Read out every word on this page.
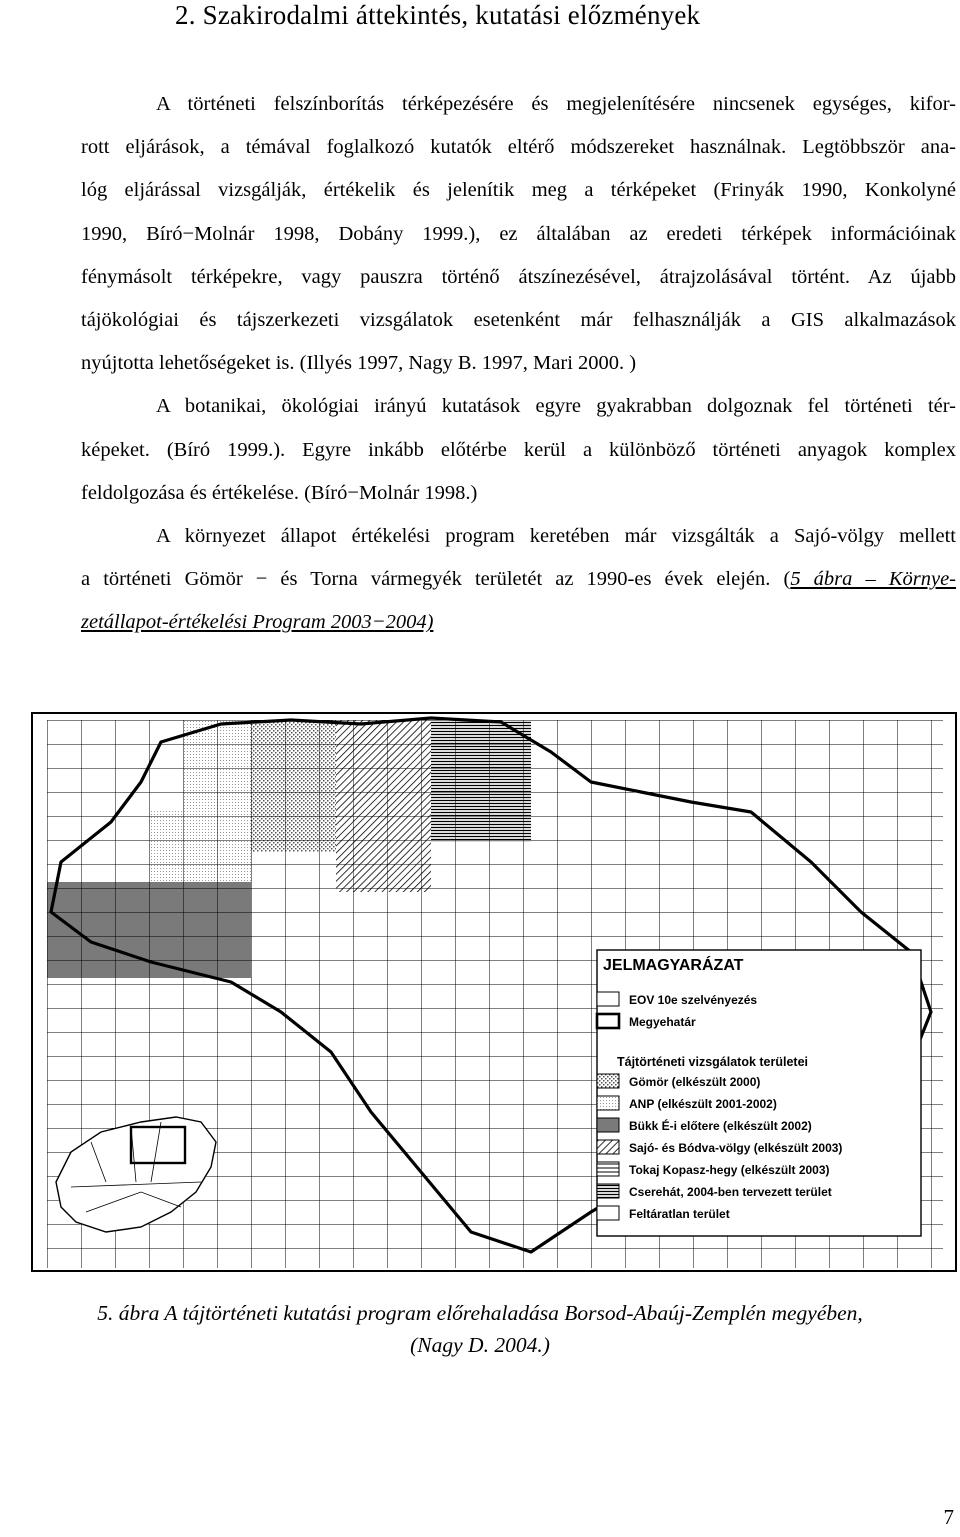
2. Szakirodalmi áttekintés, kutatási előzmények

A történeti felszínborítás térképezésére és megjelenítésére nincsenek egységes, kifor-
rott eljárások, a témával foglalkozó kutatók eltérő módszereket használnak. Legtöbbször ana-
lóg eljárással vizsgálják, értékelik és jelenítik meg a térképeket (Frinyák 1990, Konkolyné
1990, Bíró−Molnár 1998, Dobány 1999.), ez általában az eredeti térképek információinak
fénymásolt térképekre, vagy pauszra történő átszínezésével, átrajzolásával történt. Az újabb
tájökológiai és tájszerkezeti vizsgálatok esetenként már felhasználják a GIS alkalmazások
nyújtotta lehetőségeket is. (Illyés 1997, Nagy B. 1997, Mari 2000. )

A botanikai, ökológiai irányú kutatások egyre gyakrabban dolgoznak fel történeti tér-
képeket. (Bíró 1999.). Egyre inkább előtérbe kerül a különböző történeti anyagok komplex
feldolgozása és értékelése. (Bíró−Molnár 1998.)

A környezet állapot értékelési program keretében már vizsgálták a Sajó-völgy mellett
a történeti Gömör − és Torna vármegyék területét az 1990-es évek elején. (5 ábra – Környe-
zetállapot-értékelési Program 2003−2004)

JELMAGYARÁZAT
EOV 10e szelvényezés
Megyehatár
Tájtörténeti vizsgálatok területei
Gömör (elkészült 2000)
ANP (elkészült 2001-2002)
Bükk É-i előtere (elkészült 2002)
Sajó- és Bódva-völgy (elkészült 2003)
Tokaj Kopasz-hegy (elkészült 2003)
Cserehát, 2004-ben tervezett terület
Feltáratlan terület
5. ábra A tájtörténeti kutatási program előrehaladása Borsod-Abaúj-Zemplén megyében,
(Nagy D. 2004.)
7
